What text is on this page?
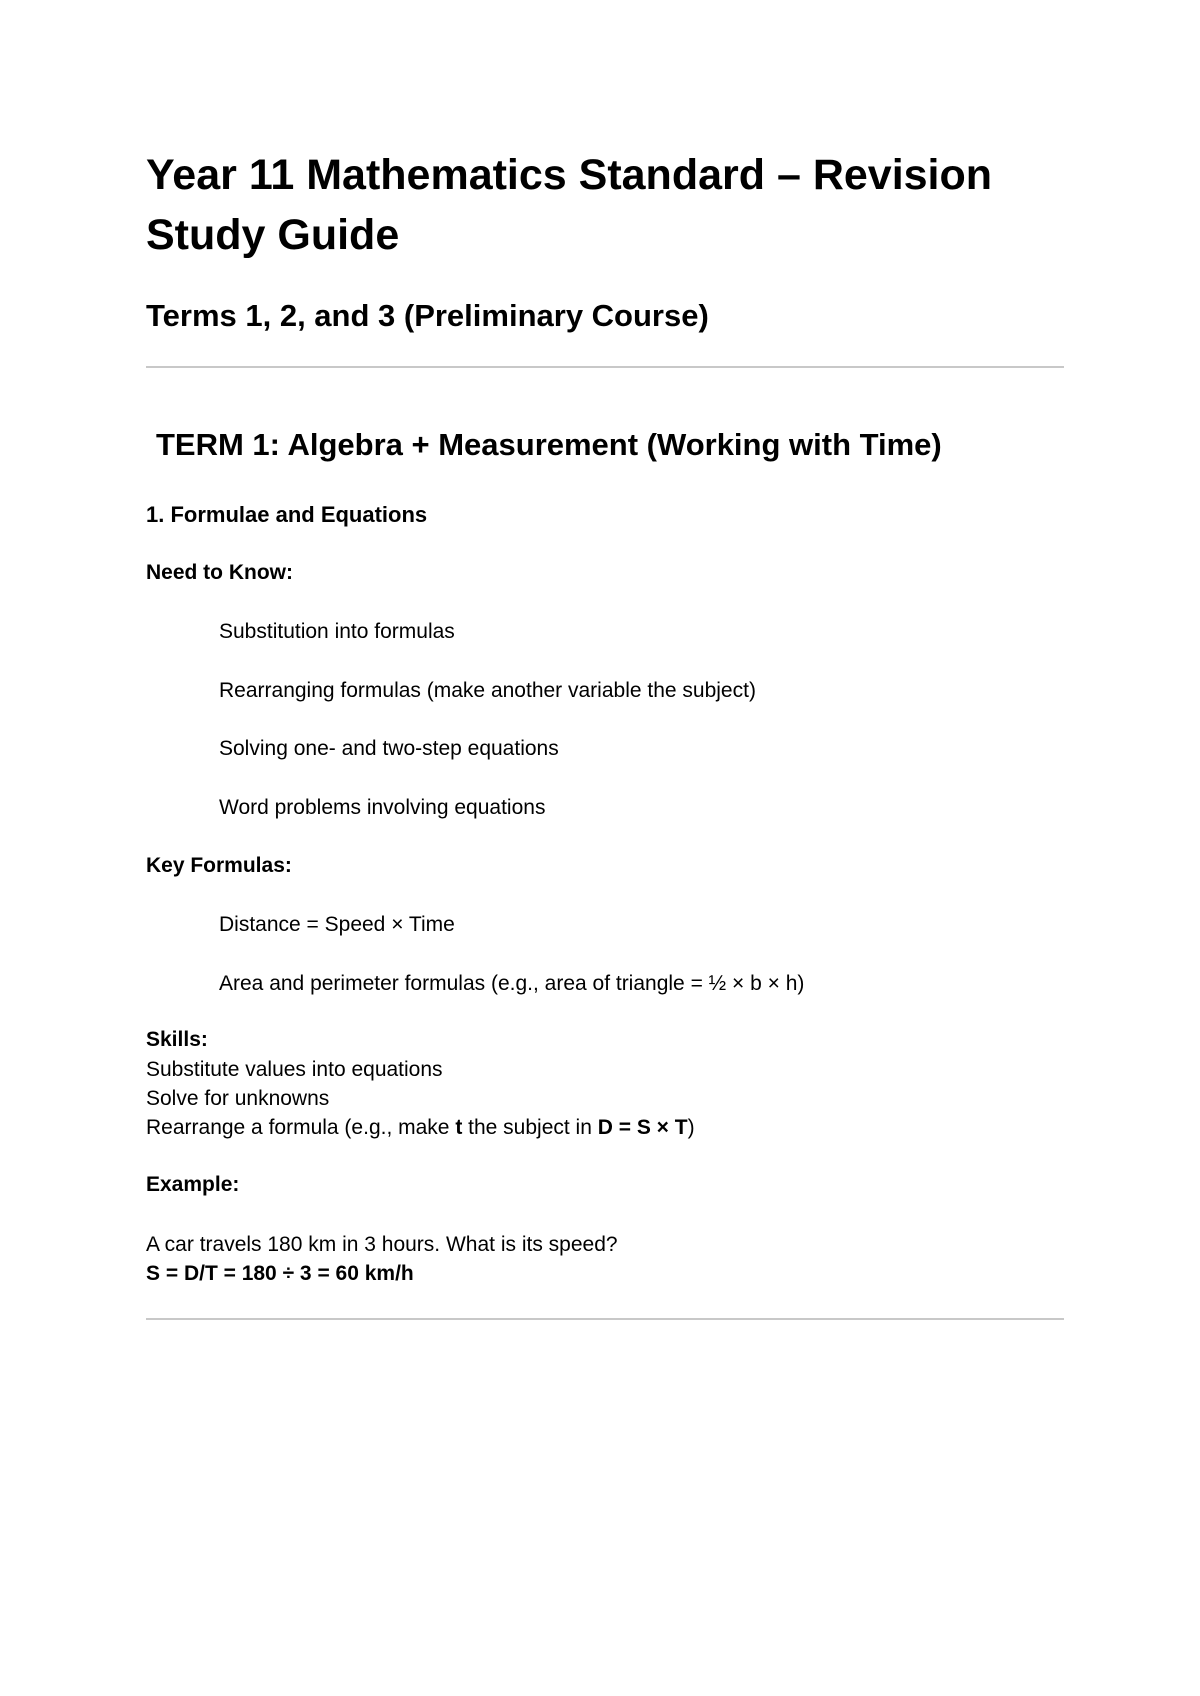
Year 11 Mathematics Standard – Revision Study Guide
Terms 1, 2, and 3 (Preliminary Course)
TERM 1: Algebra + Measurement (Working with Time)
1. Formulae and Equations

Need to Know:

Substitution into formulas

Rearranging formulas (make another variable the subject)

Solving one- and two-step equations

Word problems involving equations

Key Formulas:

Distance = Speed × Time

Area and perimeter formulas (e.g., area of triangle = ½ × b × h)

Skills:

Substitute values into equations

Solve for unknowns

Rearrange a formula (e.g., make t the subject in D = S × T)

Example:

A car travels 180 km in 3 hours. What is its speed?

S = D/T = 180 ÷ 3 = 60 km/h
